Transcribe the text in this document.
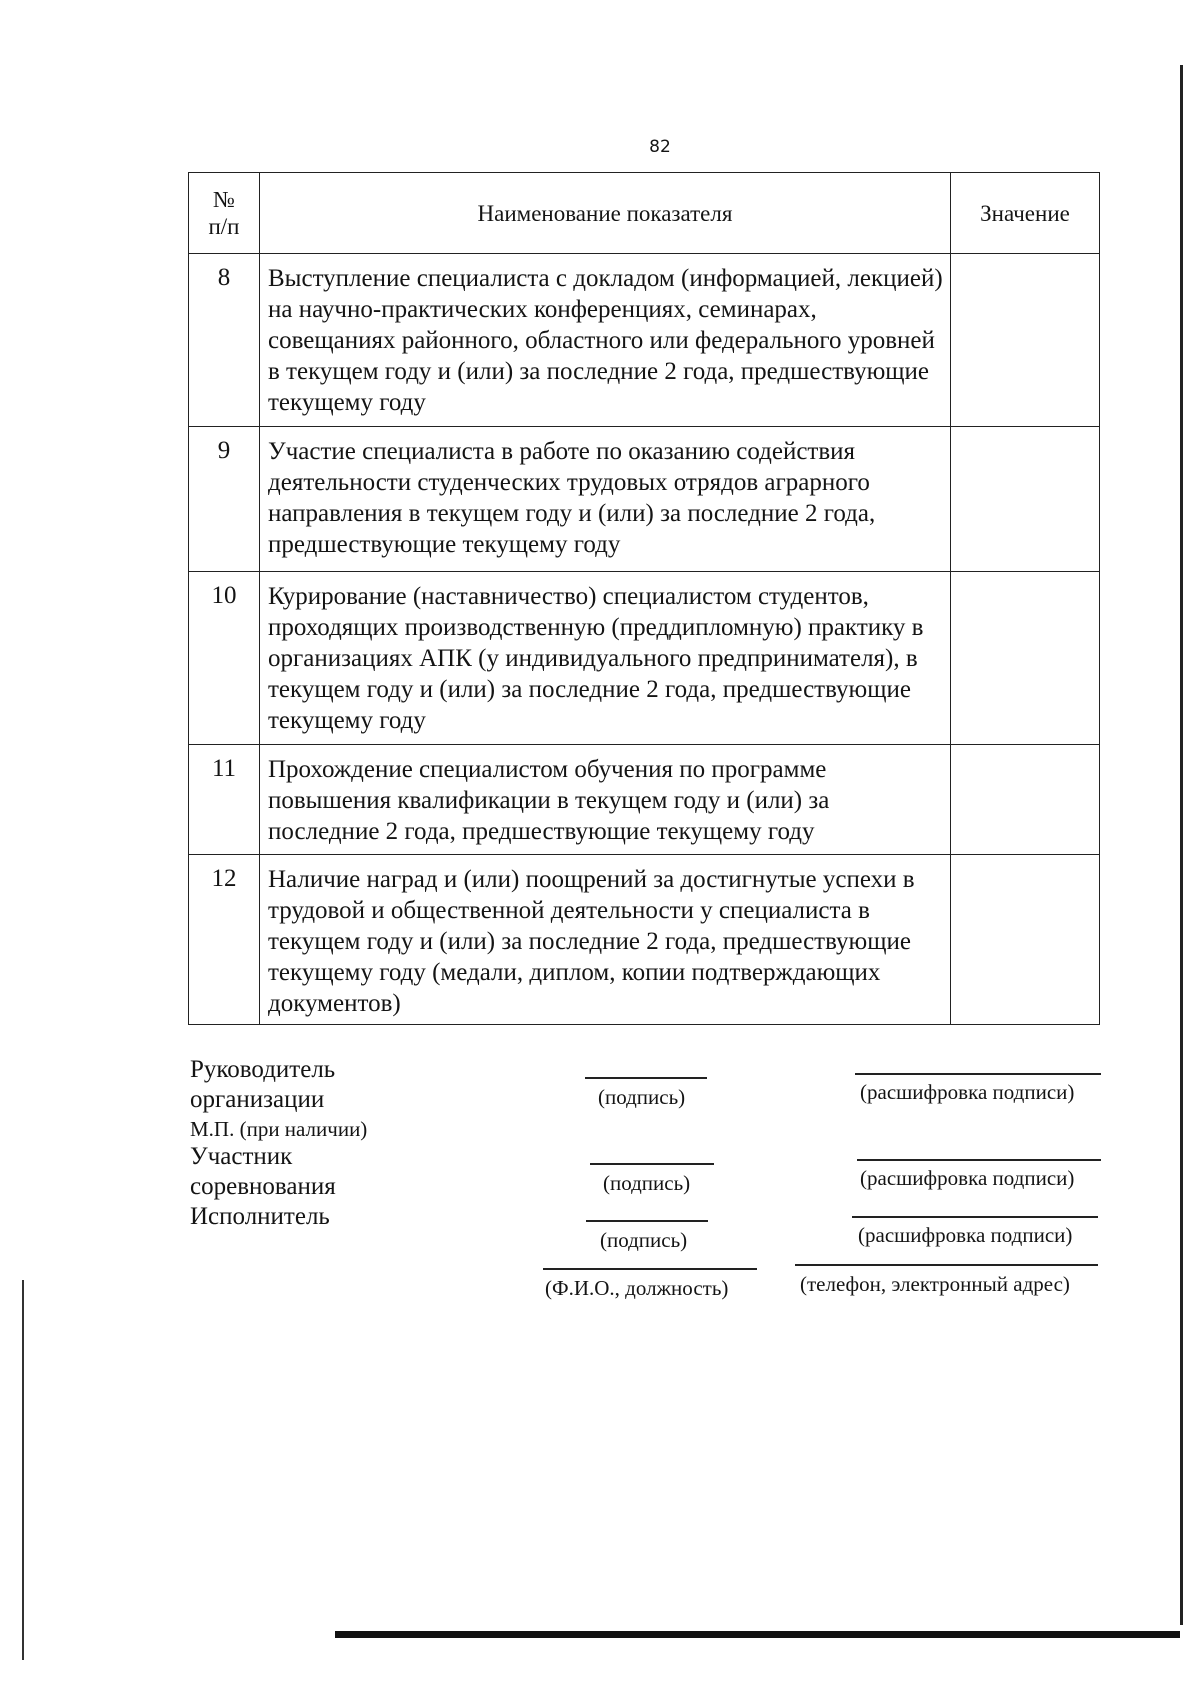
82
№
п/п	Наименование показателя	Значение
8	Выступление специалиста с докладом (информацией, лекцией) на научно-практических конференциях, семинарах, совещаниях районного, областного или федерального уровней в текущем году и (или) за последние 2 года, предшествующие текущему году	
9	Участие специалиста в работе по оказанию содействия деятельности студенческих трудовых отрядов аграрного направления в текущем году и (или) за последние 2 года, предшествующие текущему году	
10	Курирование (наставничество) специалистом студентов, проходящих производственную (преддипломную) практику в организациях АПК (у индивидуального предпринимателя), в текущем году и (или) за последние 2 года, предшествующие текущему году	
11	Прохождение специалистом обучения по программе повышения квалификации в текущем году и (или) за последние 2 года, предшествующие текущему году	
12	Наличие наград и (или) поощрений за достигнутые успехи в трудовой и общественной деятельности у специалиста в текущем году и (или) за последние 2 года, предшествующие текущему году (медали, диплом, копии подтверждающих документов)	
Руководитель
организации
М.П. (при наличии)
Участник
соревнования
Исполнитель
(подпись)	(расшифровка подписи)
(подпись)	(расшифровка подписи)
(подпись)	(расшифровка подписи)
(Ф.И.О., должность)	(телефон, электронный адрес)
